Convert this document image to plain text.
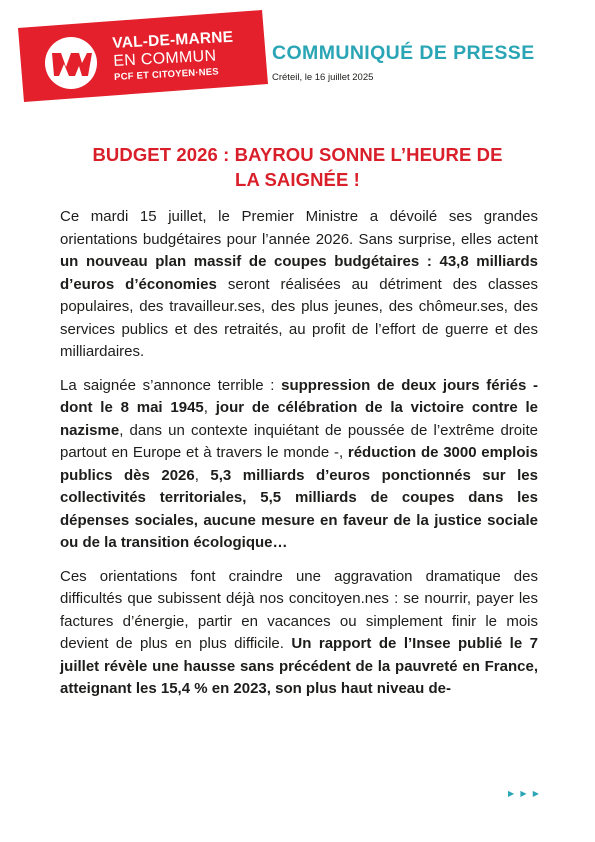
VAL-DE-MARNE
EN COMMUN
PCF ET CITOYEN·NES
COMMUNIQUÉ DE PRESSE
Créteil, le 16 juillet 2025
BUDGET 2026 : BAYROU SONNE L’HEURE DE
LA SAIGNÉE !

Ce mardi 15 juillet, le Premier Ministre a dévoilé ses grandes orientations budgétaires pour l’année 2026. Sans surprise, elles actent un nouveau plan massif de coupes budgétaires : 43,8 milliards d’euros d’économies seront réalisées au détriment des classes populaires, des travailleur.ses, des plus jeunes, des chômeur.ses, des services publics et des retraités, au profit de l’effort de guerre et des milliardaires.

La saignée s’annonce terrible : suppression de deux jours fériés - dont le 8 mai 1945, jour de célébration de la victoire contre le nazisme, dans un contexte inquiétant de poussée de l’extrême droite partout en Europe et à travers le monde -, réduction de 3000 emplois publics dès 2026, 5,3 milliards d’euros ponctionnés sur les collectivités territoriales, 5,5 milliards de coupes dans les dépenses sociales, aucune mesure en faveur de la justice sociale ou de la transition écologique…

Ces orientations font craindre une aggravation dramatique des difficultés que subissent déjà nos concitoyen.nes : se nourrir, payer les factures d’énergie, partir en vacances ou simplement finir le mois devient de plus en plus difficile. Un rapport de l’Insee publié le 7 juillet révèle une hausse sans précédent de la pauvreté en France, atteignant les 15,4 % en 2023, son plus haut niveau de-

▶ ▶ ▶
